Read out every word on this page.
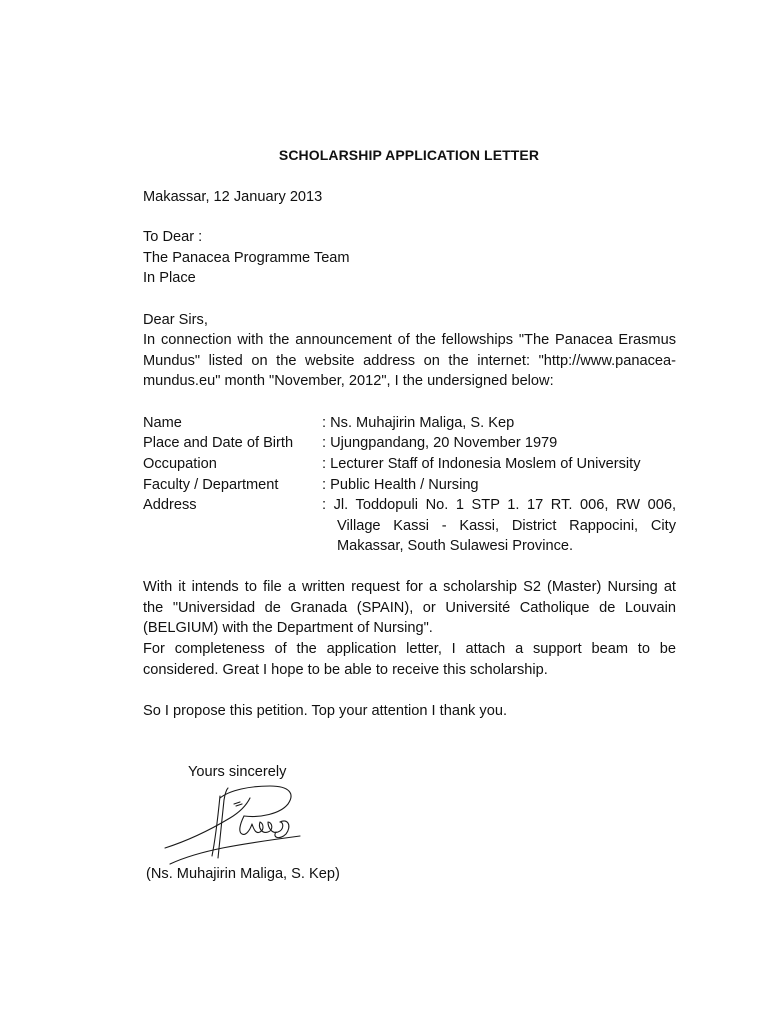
SCHOLARSHIP APPLICATION LETTER
Makassar, 12 January 2013
To Dear :
The Panacea Programme Team
In Place
Dear Sirs,
In connection with the announcement of the fellowships "The Panacea Erasmus
Mundus" listed on the website address on the internet: "http://www.panacea-
mundus.eu" month "November, 2012", I the undersigned below:
Name	: Ns. Muhajirin Maliga, S. Kep
Place and Date of Birth : Ujungpandang, 20 November 1979
Occupation	: Lecturer Staff of Indonesia Moslem of University
Faculty / Department	: Public Health / Nursing
Address	: Jl. Toddopuli No. 1 STP 1. 17 RT. 006, RW 006,
Village Kassi - Kassi, District Rappocini, City
Makassar, South Sulawesi Province.
With it intends to file a written request for a scholarship S2 (Master) Nursing at
the "Universidad de Granada (SPAIN), or Université Catholique de Louvain
(BELGIUM) with the Department of Nursing".
For completeness of the application letter, I attach a support beam to be
considered. Great I hope to be able to receive this scholarship.
So I propose this petition. Top your attention I thank you.
Yours sincerely
(Ns. Muhajirin Maliga, S. Kep)
